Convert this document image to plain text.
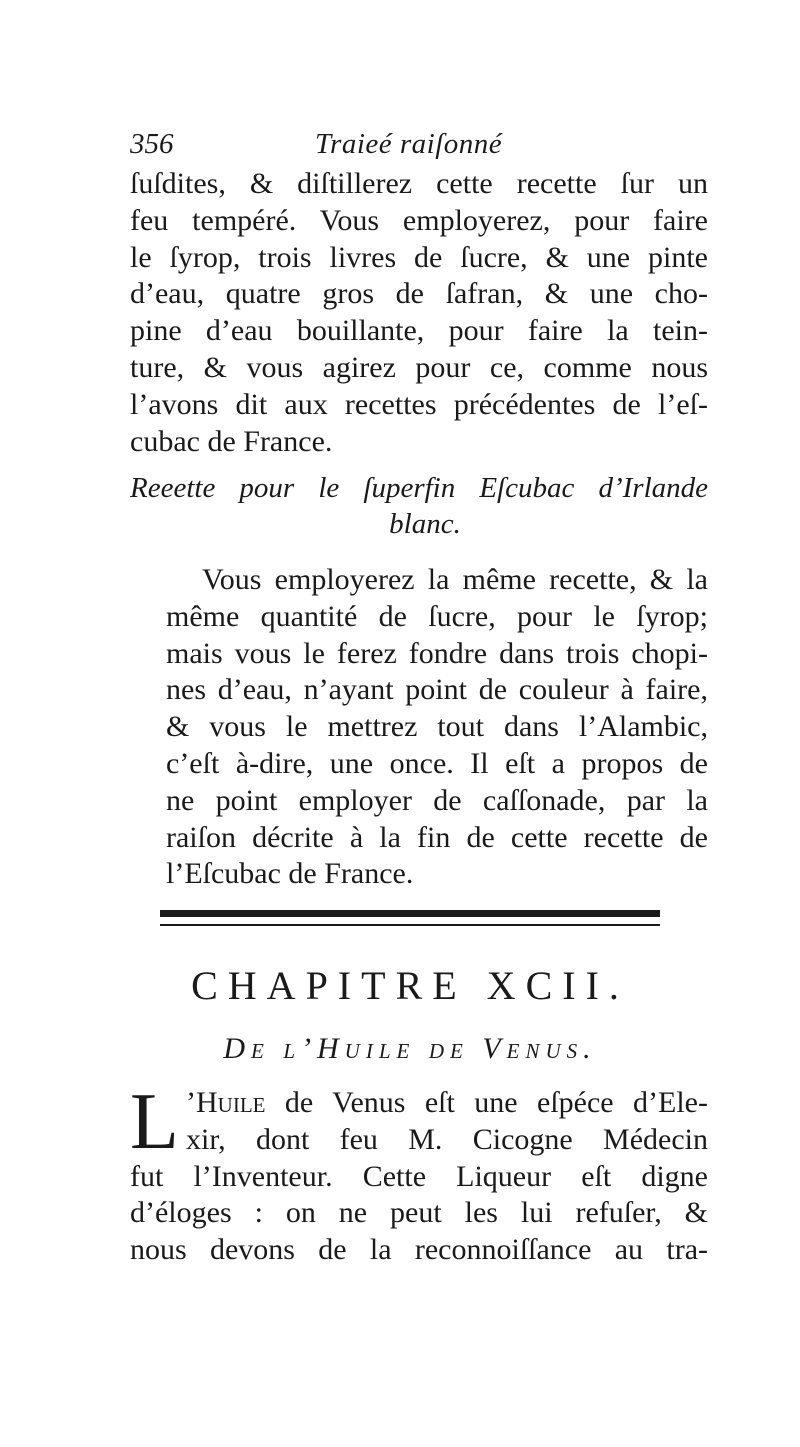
356	Traieé raiſonné
ſuſdites, & diſtillerez cette recette ſur un
feu tempéré. Vous employerez, pour faire
le ſyrop, trois livres de ſucre, & une pinte
d’eau, quatre gros de ſafran, & une cho-
pine d’eau bouillante, pour faire la tein-
ture, & vous agirez pour ce, comme nous
l’avons dit aux recettes précédentes de l’eſ-
cubac de France.
Reeette pour le ſuperfin Eſcubac d’Irlande
blanc.
Vous employerez la même recette, & la
même quantité de ſucre, pour le ſyrop;
mais vous le ferez fondre dans trois chopi-
nes d’eau, n’ayant point de couleur à faire,
& vous le mettrez tout dans l’Alambic,
c’eſt à-dire, une once. Il eſt a propos de
ne point employer de caſſonade, par la
raiſon décrite à la fin de cette recette de
l’Eſcubac de France.
CHAPITRE XCII.
De l’Huile de Venus.
L ’Huile de Venus eſt une eſpéce d’Ele-
xir, dont feu M. Cicogne Médecin
fut l’Inventeur. Cette Liqueur eſt digne
d’éloges : on ne peut les lui refuſer, &
nous devons de la reconnoiſſance au tra-
